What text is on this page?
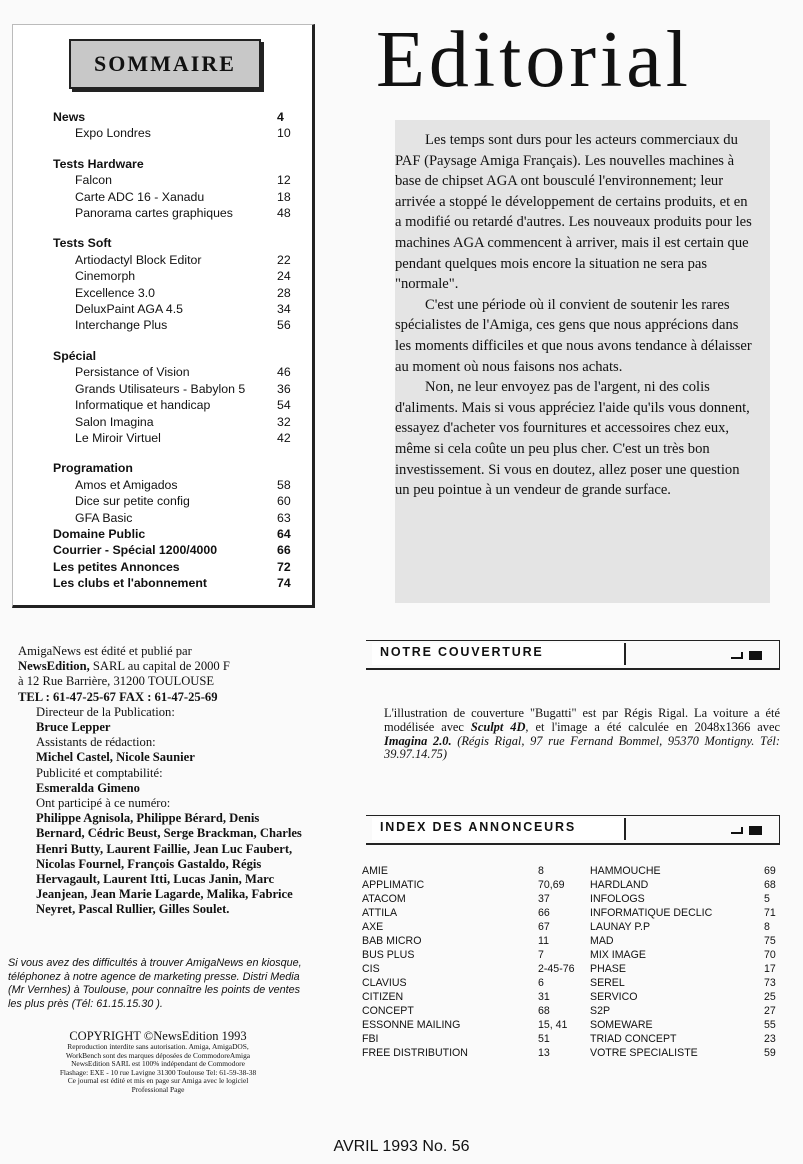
SOMMAIRE
News	4
Expo Londres	10
Tests Hardware
Falcon	12
Carte ADC 16 - Xanadu	18
Panorama cartes graphiques	48
Tests Soft
Artiodactyl Block Editor	22
Cinemorph	24
Excellence 3.0	28
DeluxPaint AGA 4.5	34
Interchange Plus	56
Spécial
Persistance of Vision	46
Grands Utilisateurs - Babylon 5	36
Informatique et handicap	54
Salon Imagina	32
Le Miroir Virtuel	42
Programation
Amos et Amigados	58
Dice sur petite config	60
GFA Basic	63
Domaine Public	64
Courrier - Spécial 1200/4000	66
Les petites Annonces	72
Les clubs et l'abonnement	74
Editorial

Les temps sont durs pour les acteurs commerciaux du PAF (Paysage Amiga Français). Les nouvelles machines à base de chipset AGA ont bousculé l'environnement; leur arrivée a stoppé le développement de certains produits, et en a modifié ou retardé d'autres. Les nouveaux produits pour les machines AGA commencent à arriver, mais il est certain que pendant quelques mois encore la situation ne sera pas "normale".

C'est une période où il convient de soutenir les rares spécialistes de l'Amiga, ces gens que nous apprécions dans les moments difficiles et que nous avons tendance à délaisser au moment où nous faisons nos achats.

Non, ne leur envoyez pas de l'argent, ni des colis d'aliments. Mais si vous appréciez l'aide qu'ils vous donnent, essayez d'acheter vos fournitures et accessoires chez eux, même si cela coûte un peu plus cher. C'est un très bon investissement. Si vous en doutez, allez poser une question un peu pointue à un vendeur de grande surface.

AmigaNews est édité et publié par
NewsEdition, SARL au capital de 2000 F
à 12 Rue Barrière, 31200 TOULOUSE
TEL : 61-47-25-67 FAX : 61-47-25-69
Directeur de la Publication:
Bruce Lepper
Assistants de rédaction:
Michel Castel, Nicole Saunier
Publicité et comptabilité:
Esmeralda Gimeno
Ont participé à ce numéro:
Philippe Agnisola, Philippe Bérard, Denis Bernard, Cédric Beust, Serge Brackman, Charles Henri Butty, Laurent Faillie, Jean Luc Faubert, Nicolas Fournel, François Gastaldo, Régis Hervagault, Laurent Itti, Lucas Janin, Marc Jeanjean, Jean Marie Lagarde, Malika, Fabrice Neyret, Pascal Rullier, Gilles Soulet.
Si vous avez des difficultés à trouver AmigaNews en kiosque, téléphonez à notre agence de marketing presse. Distri Media (Mr Vernhes) à Toulouse, pour connaître les points de ventes les plus près (Tél: 61.15.15.30 ).
COPYRIGHT ©NewsEdition 1993
Reproduction interdite sans autorisation. Amiga, AmigaDOS,
WorkBench sont des marques déposées de CommodoreAmiga
NewsEdition SARL est 100% indépendant de Commodore
Flashage: EXE - 10 rue Lavigne 31300 Toulouse Tel: 61-59-38-38
Ce journal est édité et mis en page sur Amiga avec le logiciel
Professional Page
NOTRE COUVERTURE
L'illustration de couverture "Bugatti" est par Régis Rigal. La voiture a été modélisée avec Sculpt 4D, et l'image a été calculée en 2048x1366 avec Imagina 2.0. (Régis Rigal, 97 rue Fernand Bommel, 95370 Montigny. Tél: 39.97.14.75)
INDEX DES ANNONCEURS
AMIE	8
APPLIMATIC	70,69
ATACOM	37
ATTILA	66
AXE	67
BAB MICRO	11
BUS PLUS	7
CIS	2-45-76
CLAVIUS	6
CITIZEN	31
CONCEPT	68
ESSONNE MAILING	15, 41
FBI	51
FREE DISTRIBUTION	13
HAMMOUCHE	69
HARDLAND	68
INFOLOGS	5
INFORMATIQUE DECLIC	71
LAUNAY P.P	8
MAD	75
MIX IMAGE	70
PHASE	17
SEREL	73
SERVICO	25
S2P	27
SOMEWARE	55
TRIAD CONCEPT	23
VOTRE SPECIALISTE	59
AVRIL 1993 No. 56
